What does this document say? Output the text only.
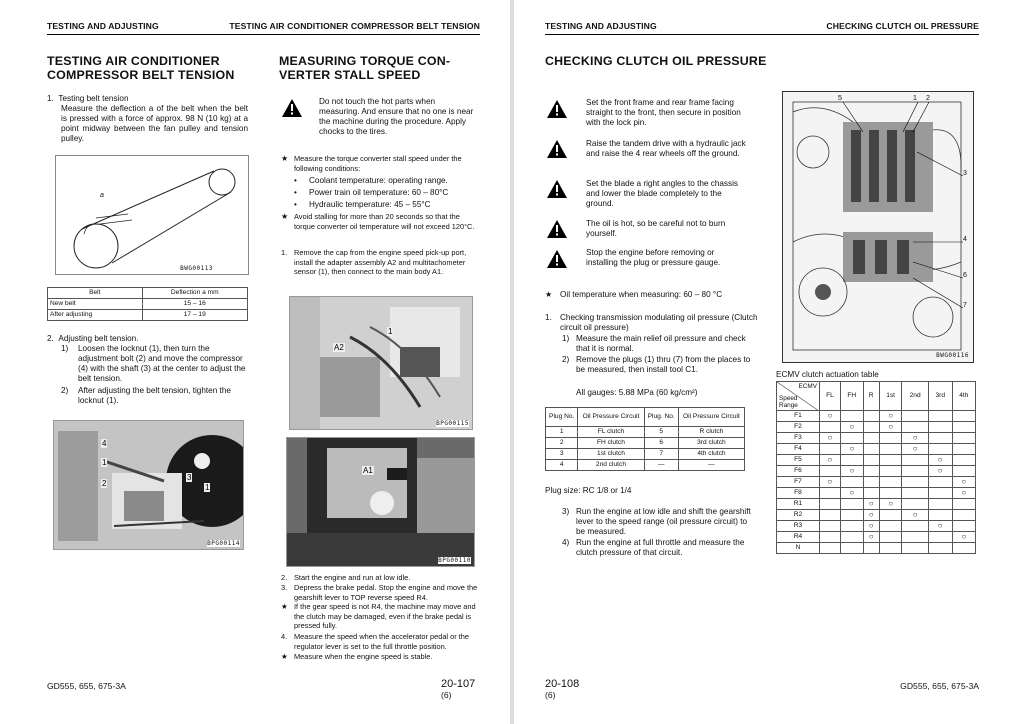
TESTING AND ADJUSTING	TESTING AIR CONDITIONER COMPRESSOR BELT TENSION
TESTING AIR CONDITIONER
COMPRESSOR BELT TENSION
1. Testing belt tension
Measure the deflection a of the belt when the belt is pressed with a force of approx. 98 N (10 kg) at a point midway between the fan pulley and tension pulley.
a
BWG00113
Belt	Deflection a mm
New belt	15 – 16
After adjusting	17 – 19
2. Adjusting belt tension.
1) Loosen the locknut (1), then turn the adjustment bolt (2) and move the compressor (4) with the shaft (3) at the center to adjust the belt tension.
2) After adjusting the belt tension, tighten the locknut (1).
4
1
3
2	1
BPG00114
MEASURING TORQUE CON-
VERTER STALL SPEED
Do not touch the hot parts when measuring. And ensure that no one is near the machine during the procedure. Apply chocks to the tires.
★ Measure the torque converter stall speed under the following conditions:
• Coolant temperature: operating range.
• Power train oil temperature: 60 – 80°C
• Hydraulic temperature: 45 – 55°C
★ Avoid stalling for more than 20 seconds so that the torque converter oil temperature will not exceed 120°C.
1. Remove the cap from the engine speed pick-up port, install the adapter assembly A2 and multitachometer sensor (1), then connect to the main body A1.
A2
1
BPG00115
A1
BPG00110
2. Start the engine and run at low idle.
3. Depress the brake pedal. Stop the engine and move the gearshift lever to TOP reverse speed R4.
★ If the gear speed is not R4, the machine may move and the clutch may be damaged, even if the brake pedal is pressed fully.
4. Measure the speed when the accelerator pedal or the regulator lever is set to the full throttle position.
★ Measure when the engine speed is stable.
GD555, 655, 675-3A	20-107
(6)
TESTING AND ADJUSTING	CHECKING CLUTCH OIL PRESSURE
CHECKING CLUTCH OIL PRESSURE
Set the front frame and rear frame facing straight to the front, then secure in position with the lock pin.
Raise the tandem drive with a hydraulic jack and raise the 4 rear wheels off the ground.
Set the blade a right angles to the chassis and lower the blade completely to the ground.
The oil is hot, so be careful not to burn yourself.
Stop the engine before removing or installing the plug or pressure gauge.
★ Oil temperature when measuring: 60 – 80 °C
1. Checking transmission modulating oil pressure (Clutch circuit oil pressure)
1) Measure the main relief oil pressure and check that it is normal.
2) Remove the plugs (1) thru (7) from the places to be measured, then install tool C1.
All gauges: 5.88 MPa (60 kg/cm²)
Plug No.	Oil Pressure Circuit	Plug. No.	Oil Pressure Circuit
1	FL clutch	5	R clutch
2	FH clutch	6	3rd clutch
3	1st clutch	7	4th clutch
4	2nd clutch	—	—
Plug size: RC 1/8 or 1/4
3) Run the engine at low idle and shift the gearshift lever to the speed range (oil pressure circuit) to be measured.
4) Run the engine at full throttle and measure the clutch pressure of that circuit.
5	1 2
3
4
6
7
BWG00116
ECMV clutch actuation table
ECMV
Speed Range	FL	FH	R	1st	2nd	3rd	4th
F1	○			○			
F2		○		○			
F3	○				○		
F4		○			○		
F5	○					○	
F6		○				○	
F7	○						○
F8		○					○
R1			○	○			
R2			○		○		
R3			○			○	
R4			○				○
N							
20-108
(6)
GD555, 655, 675-3A
